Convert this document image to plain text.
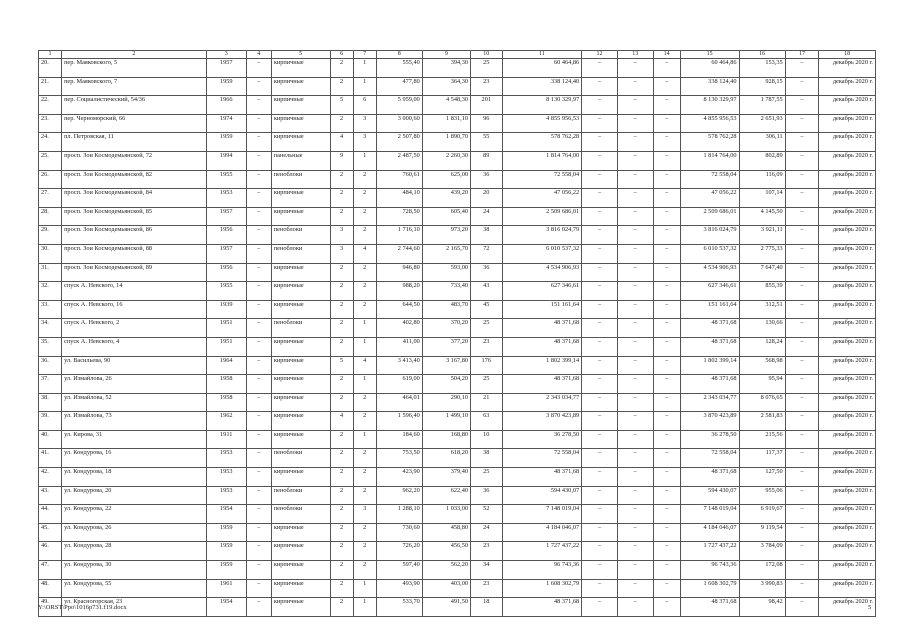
1	2	3	4	5	6	7	8	9	10	11	12	13	14	15	16	17	18
20.	пер. Маяковского, 5	1957	–	кирпичные	2	1	555,40	394,30	25	60 464,86	–	–	–	60 464,86	153,35	–	декабрь 2020 г.
21.	пер. Маяковского, 7	1959	–	кирпичные	2	1	477,80	364,30	23	338 124,40	–	–	–	338 124,40	928,15	–	декабрь 2020 г.
22.	пер. Социалистический, 54/36	1966	–	кирпичные	5	6	5 959,00	4 548,30	201	8 130 329,97	–	–	–	8 130 329,97	1 787,55	–	декабрь 2020 г.
23.	пер. Черноморский, 66	1974	–	кирпичные	2	3	3 000,60	1 831,10	96	4 855 956,53	–	–	–	4 855 956,53	2 651,93	–	декабрь 2020 г.
24.	пл. Петровская, 11	1959	–	кирпичные	4	3	2 507,80	1 890,70	55	578 762,28	–	–	–	578 762,28	306,11	–	декабрь 2020 г.
25.	просп. Зои Космодемьянской, 72	1994	–	панельные	9	1	2 487,50	2 260,30	89	1 814 764,00	–	–	–	1 814 764,00	802,89	–	декабрь 2020 г.
26.	просп. Зои Космодемьянской, 82	1955	–	пеноблоки	2	2	760,61	625,00	36	72 558,04	–	–	–	72 558,04	116,09	–	декабрь 2020 г.
27.	просп. Зои Космодемьянской, 84	1953	–	кирпичные	2	2	484,10	439,20	20	47 056,22	–	–	–	47 056,22	107,14	–	декабрь 2020 г.
28.	просп. Зои Космодемьянской, 85	1957	–	кирпичные	2	2	728,50	605,40	24	2 509 686,01	–	–	–	2 509 686,01	4 145,50	–	декабрь 2020 г.
29.	просп. Зои Космодемьянской, 86	1956	–	пеноблоки	3	2	1 716,10	973,20	38	3 816 024,79	–	–	–	3 816 024,79	3 921,11	–	декабрь 2020 г.
30.	просп. Зои Космодемьянской, 88	1957	–	пеноблоки	3	4	2 744,60	2 165,70	72	6 010 537,32	–	–	–	6 010 537,32	2 775,33	–	декабрь 2020 г.
31.	просп. Зои Космодемьянской, 89	1956	–	кирпичные	2	2	946,80	593,00	36	4 534 906,93	–	–	–	4 534 906,93	7 647,40	–	декабрь 2020 г.
32.	спуск А. Невского, 14	1955	–	кирпичные	2	2	988,20	733,40	43	627 346,61	–	–	–	627 346,61	855,39	–	декабрь 2020 г.
33.	спуск А. Невского, 16	1939	–	кирпичные	2	2	644,50	483,70	45	151 161,64	–	–	–	151 161,64	312,51	–	декабрь 2020 г.
34.	спуск А. Невского, 2	1951	–	пеноблоки	2	1	402,80	370,20	25	48 371,68	–	–	–	48 371,68	130,66	–	декабрь 2020 г.
35.	спуск А. Невского, 4	1951	–	кирпичные	2	1	411,00	377,20	23	48 371,68	–	–	–	48 371,68	128,24	–	декабрь 2020 г.
36.	ул. Васильева, 90	1964	–	кирпичные	5	4	3 413,40	3 167,80	176	1 802 399,14	–	–	–	1 802 399,14	568,98	–	декабрь 2020 г.
37.	ул. Измайлова, 26	1958	–	кирпичные	2	1	619,00	504,20	25	48 371,68	–	–	–	48 371,68	95,94	–	декабрь 2020 г.
38.	ул. Измайлова, 52	1958	–	кирпичные	2	2	464,01	290,10	21	2 343 034,77	–	–	–	2 343 034,77	8 076,65	–	декабрь 2020 г.
39.	ул. Измайлова, 73	1962	–	кирпичные	4	2	1 596,40	1 499,10	63	3 870 423,89	–	–	–	3 870 423,89	2 581,83	–	декабрь 2020 г.
40.	ул. Кирова, 31	1911	–	кирпичные	2	1	184,60	168,80	10	36 278,50	–	–	–	36 278,50	215,56	–	декабрь 2020 г.
41.	ул. Кондурова, 16	1953	–	пеноблоки	2	2	753,50	618,20	38	72 558,04	–	–	–	72 558,04	117,37	–	декабрь 2020 г.
42.	ул. Кондурова, 18	1953	–	кирпичные	2	2	423,90	379,40	25	48 371,68	–	–	–	48 371,68	127,50	–	декабрь 2020 г.
43.	ул. Кондурова, 20	1953	–	пеноблоки	2	2	962,20	622,40	36	594 430,07	–	–	–	594 430,07	955,06	–	декабрь 2020 г.
44.	ул. Кондурова, 22	1954	–	пеноблоки	2	3	1 288,10	1 033,00	52	7 148 019,04	–	–	–	7 148 019,04	6 919,67	–	декабрь 2020 г.
45.	ул. Кондурова, 26	1959	–	кирпичные	2	2	730,60	458,80	24	4 184 046,07	–	–	–	4 184 046,07	9 119,54	–	декабрь 2020 г.
46.	ул. Кондурова, 28	1959	–	кирпичные	2	2	726,20	456,50	23	1 727 437,22	–	–	–	1 727 437,22	3 784,09	–	декабрь 2020 г.
47.	ул. Кондурова, 30	1959	–	кирпичные	2	2	597,40	562,20	34	96 743,36	–	–	–	96 743,36	172,08	–	декабрь 2020 г.
48.	ул. Кондурова, 55	1961	–	кирпичные	2	1	493,90	403,00	23	1 608 302,79	–	–	–	1 608 302,79	3 990,83	–	декабрь 2020 г.
49.	ул. Красногорская, 23	1954	–	кирпичные	2	1	533,70	491,50	18	48 371,68	–	–	–	48 371,68	98,42	–	декабрь 2020 г.
Y:\ORST\Ppo\1016p731.f19.docx	5
